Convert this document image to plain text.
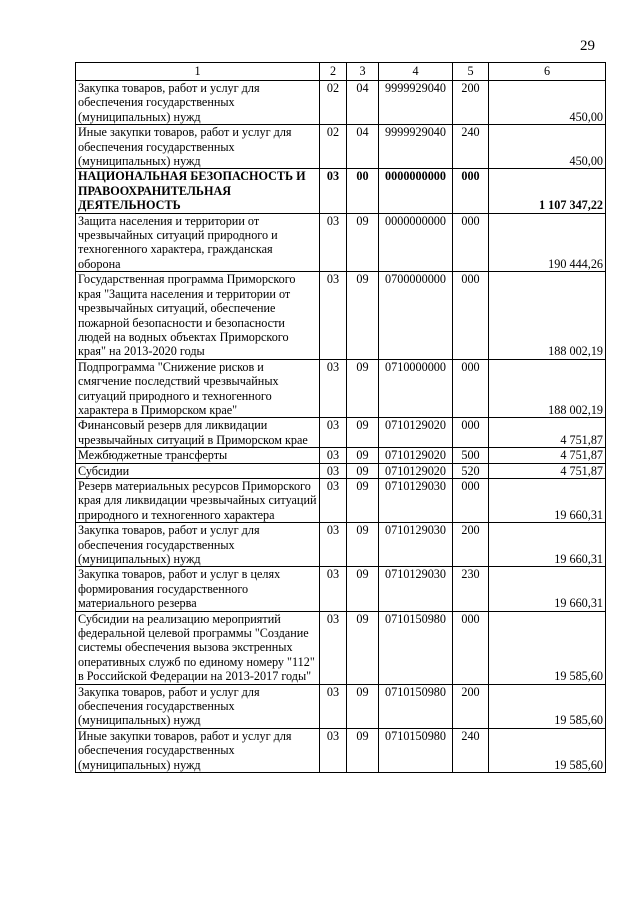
29
1	2	3	4	5	6
Закупка товаров, работ и услуг для обеспечения государственных (муниципальных) нужд	02	04	9999929040	200	450,00
Иные закупки товаров, работ и услуг для обеспечения государственных (муниципальных) нужд	02	04	9999929040	240	450,00
НАЦИОНАЛЬНАЯ БЕЗОПАСНОСТЬ И ПРАВООХРАНИТЕЛЬНАЯ ДЕЯТЕЛЬНОСТЬ	03	00	0000000000	000	1 107 347,22
Защита населения и территории от чрезвычайных ситуаций природного и техногенного характера, гражданская оборона	03	09	0000000000	000	190 444,26
Государственная программа Приморского края "Защита населения и территории от чрезвычайных ситуаций, обеспечение пожарной безопасности и безопасности людей на водных объектах Приморского края" на 2013-2020 годы	03	09	0700000000	000	188 002,19
Подпрограмма "Снижение рисков и смягчение последствий чрезвычайных ситуаций природного и техногенного характера в Приморском крае"	03	09	0710000000	000	188 002,19
Финансовый резерв для ликвидации чрезвычайных ситуаций в Приморском крае	03	09	0710129020	000	4 751,87
Межбюджетные трансферты	03	09	0710129020	500	4 751,87
Субсидии	03	09	0710129020	520	4 751,87
Резерв материальных ресурсов Приморского края для ликвидации чрезвычайных ситуаций природного и техногенного характера	03	09	0710129030	000	19 660,31
Закупка товаров, работ и услуг для обеспечения государственных (муниципальных) нужд	03	09	0710129030	200	19 660,31
Закупка товаров, работ и услуг в целях формирования государственного материального резерва	03	09	0710129030	230	19 660,31
Субсидии на реализацию мероприятий федеральной целевой программы "Создание системы обеспечения вызова экстренных оперативных служб по единому номеру "112" в Российской Федерации на 2013-2017 годы"	03	09	0710150980	000	19 585,60
Закупка товаров, работ и услуг для обеспечения государственных (муниципальных) нужд	03	09	0710150980	200	19 585,60
Иные закупки товаров, работ и услуг для обеспечения государственных (муниципальных) нужд	03	09	0710150980	240	19 585,60
